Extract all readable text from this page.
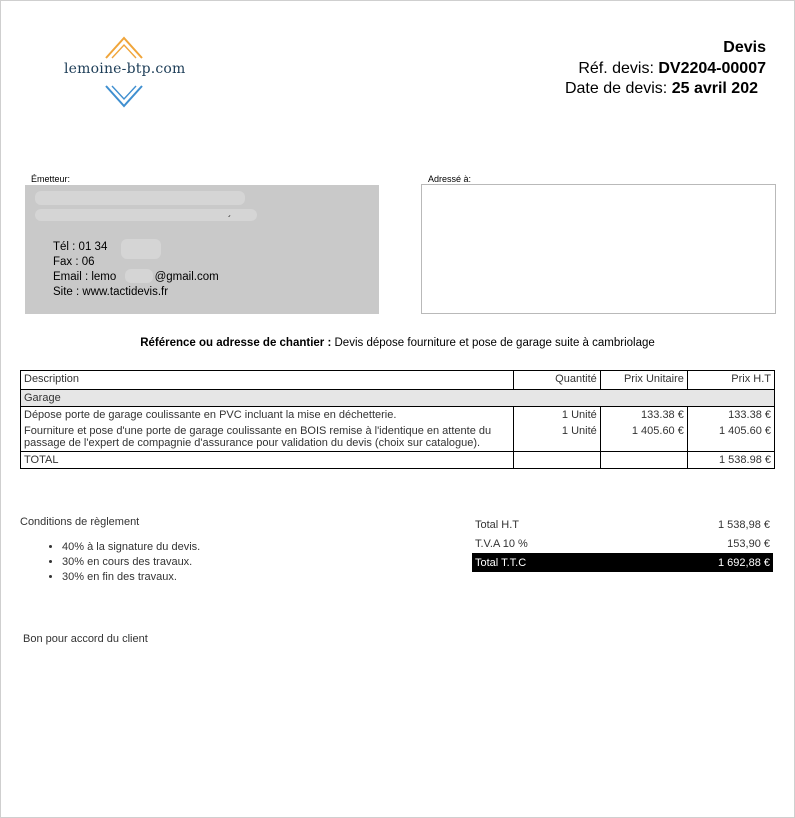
lemoine-btp.com
Devis
Réf. devis: DV2204-00007
Date de devis: 25 avril 202
Émetteur:
´
Tél : 01 34
Fax : 06
Email : lemo            @gmail.com
Site : www.tactidevis.fr
Adressé à:
Référence ou adresse de chantier : Devis dépose fourniture et pose de garage suite à cambriolage
Description	Quantité	Prix Unitaire	Prix H.T
Garage			
Dépose porte de garage coulissante en PVC incluant la mise en déchetterie.	1 Unité	133.38 €	133.38 €
Fourniture et pose d'une porte de garage coulissante en BOIS remise à l'identique en attente du passage de l'expert de compagnie d'assurance pour validation du devis (choix sur catalogue).	1 Unité	1 405.60 €	1 405.60 €
TOTAL			1 538.98 €
Conditions de règlement
• 40% à la signature du devis.
• 30% en cours des travaux.
• 30% en fin des travaux.
Total H.T	1 538,98 €
T.V.A 10 %	153,90 €
Total T.T.C	1 692,88 €
Bon pour accord du client
